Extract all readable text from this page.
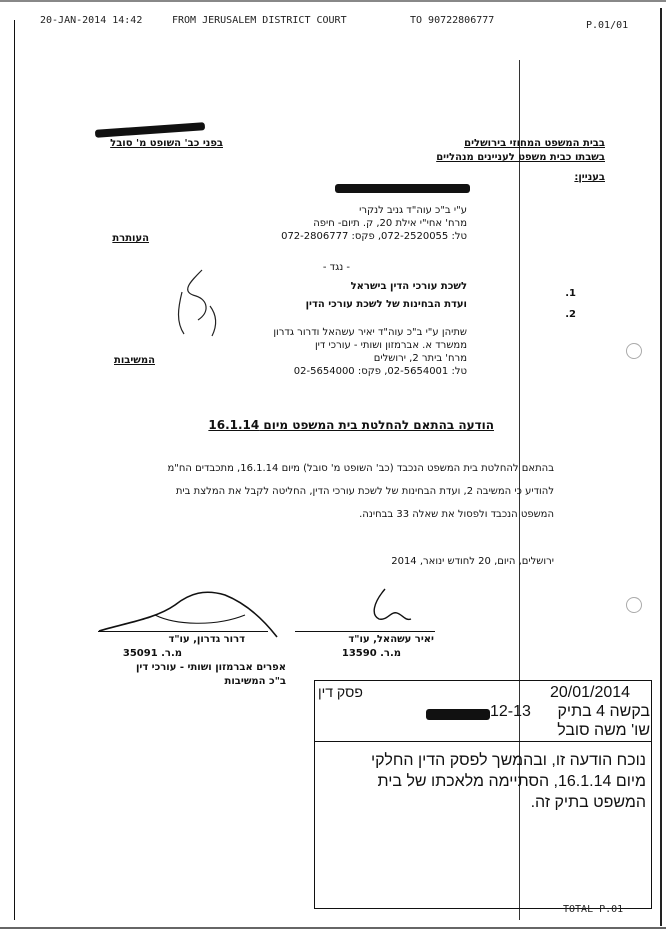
20-JAN-2014 14:42	FROM JERUSALEM DISTRICT COURT	TO 90722806777	P.01/01
בפני כב' השופט מ' סובל	בבית המשפט המחוזי בירושלים
בשבתו כבית משפט לעניינים מנהליים
בעניין:
ע"י ב"כ עוה"ד גניב לנקרי
מרח' אחי"י אילת 20, ק. תיום- חיפה
טל: 072-2520055, פקס: 072-2806777
העותרת
- נגד -
.1
לשכת עורכי הדין בישראל
.2
ועדת הבחינות של לשכת עורכי הדין
שתיהן ע"י ב"כ עוה"ד יאיר עשהאל ודרור גדרון
ממשרד א. אברמזון ושותי - עורכי דין
מרח' ביתר 2, ירושלים
טל: 02-5654001, פקס: 02-5654000
המשיבות
הודעה בהתאם להחלטת בית המשפט מיום 16.1.14
בהתאם להחלטת בית המשפט הנכבד (כב' השופט מ' סובל) מיום 16.1.14, מתכבדים הח"מ
להודיע כי המשיבה 2, ועדת הבחינות של לשכת עורכי הדין, החליטה לקבל את המלצת בית
המשפט הנכבד ולפסול את שאלה 33 בבחינה.
ירושלים, היום, 20 לחודש ינואר, 2014
יאיר עשהאל, עו"ד
מ.ר. 13590
דרור גדרון, עו"ד
מ.ר. 35091
אפרים אברמזון ושותי - עורכי דין
ב"כ המשיבות
20/01/2014
פסק דין
בקשה 4 בתיק
12-13
שו' משה סובל
נוכח הודעה זו, ובהמשך לפסק הדין החלקי
מיום 16.1.14, הסתיימה מלאכתו של בית
המשפט בתיק זה.
TOTAL P.01
